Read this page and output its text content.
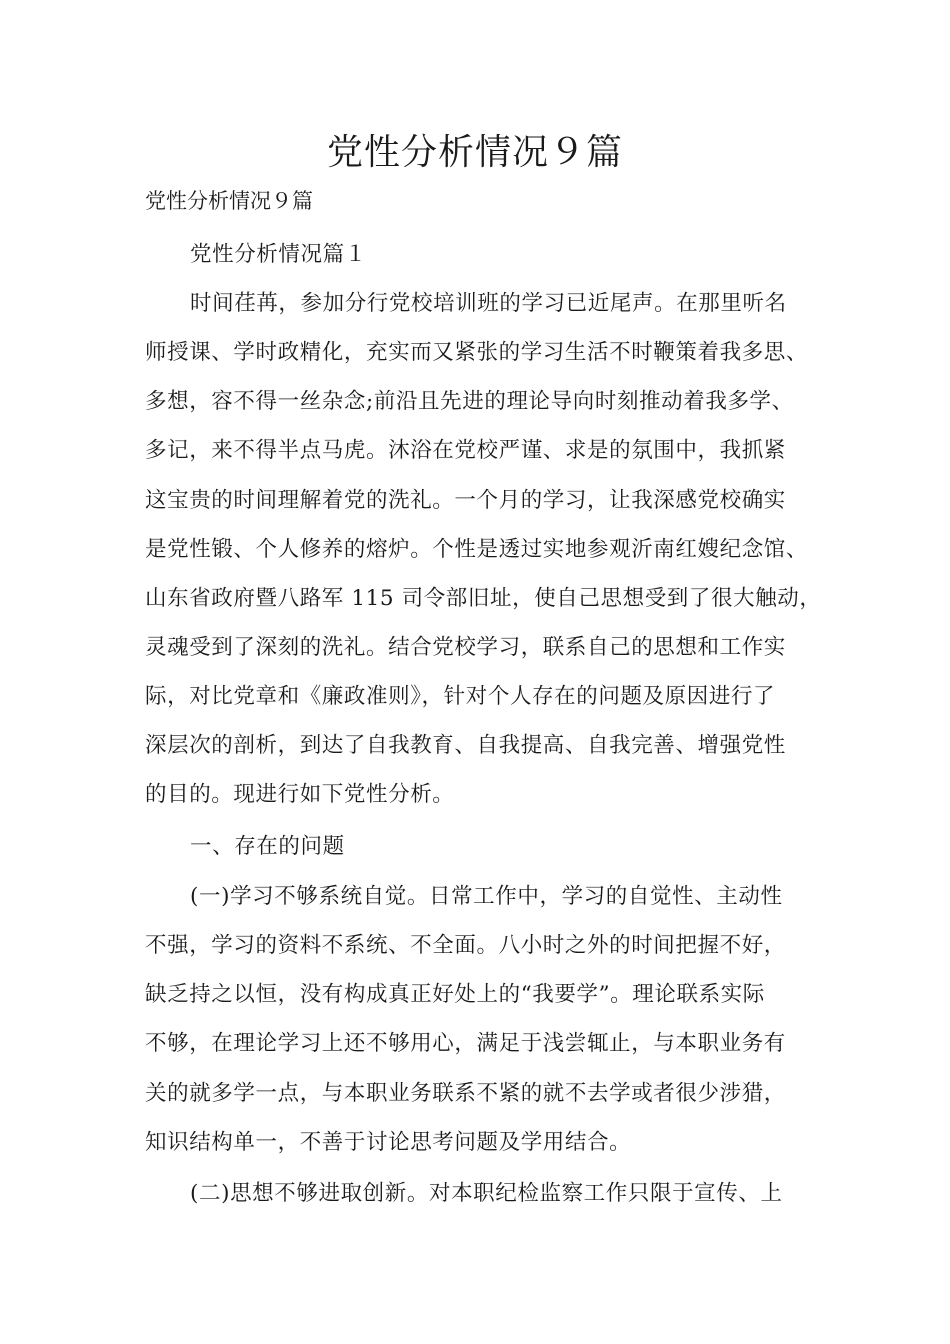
党性分析情况９篇

党性分析情况９篇

党性分析情况篇１

时间荏苒，参加分行党校培训班的学习已近尾声。在那里听名

师授课、学时政精化，充实而又紧张的学习生活不时鞭策着我多思、

多想，容不得一丝杂念;前沿且先进的理论导向时刻推动着我多学、

多记，来不得半点马虎。沐浴在党校严谨、求是的氛围中，我抓紧

这宝贵的时间理解着党的洗礼。一个月的学习，让我深感党校确实

是党性锻、个人修养的熔炉。个性是透过实地参观沂南红嫂纪念馆、

山东省政府暨八路军 115 司令部旧址，使自己思想受到了很大触动，

灵魂受到了深刻的洗礼。结合党校学习，联系自己的思想和工作实

际，对比党章和《廉政准则》，针对个人存在的问题及原因进行了

深层次的剖析，到达了自我教育、自我提高、自我完善、增强党性

的目的。现进行如下党性分析。

一、存在的问题

(一)学习不够系统自觉。日常工作中，学习的自觉性、主动性

不强，学习的资料不系统、不全面。八小时之外的时间把握不好，

缺乏持之以恒，没有构成真正好处上的“我要学”。理论联系实际

不够，在理论学习上还不够用心，满足于浅尝辄止，与本职业务有

关的就多学一点，与本职业务联系不紧的就不去学或者很少涉猎，

知识结构单一，不善于讨论思考问题及学用结合。

(二)思想不够进取创新。对本职纪检监察工作只限于宣传、上
